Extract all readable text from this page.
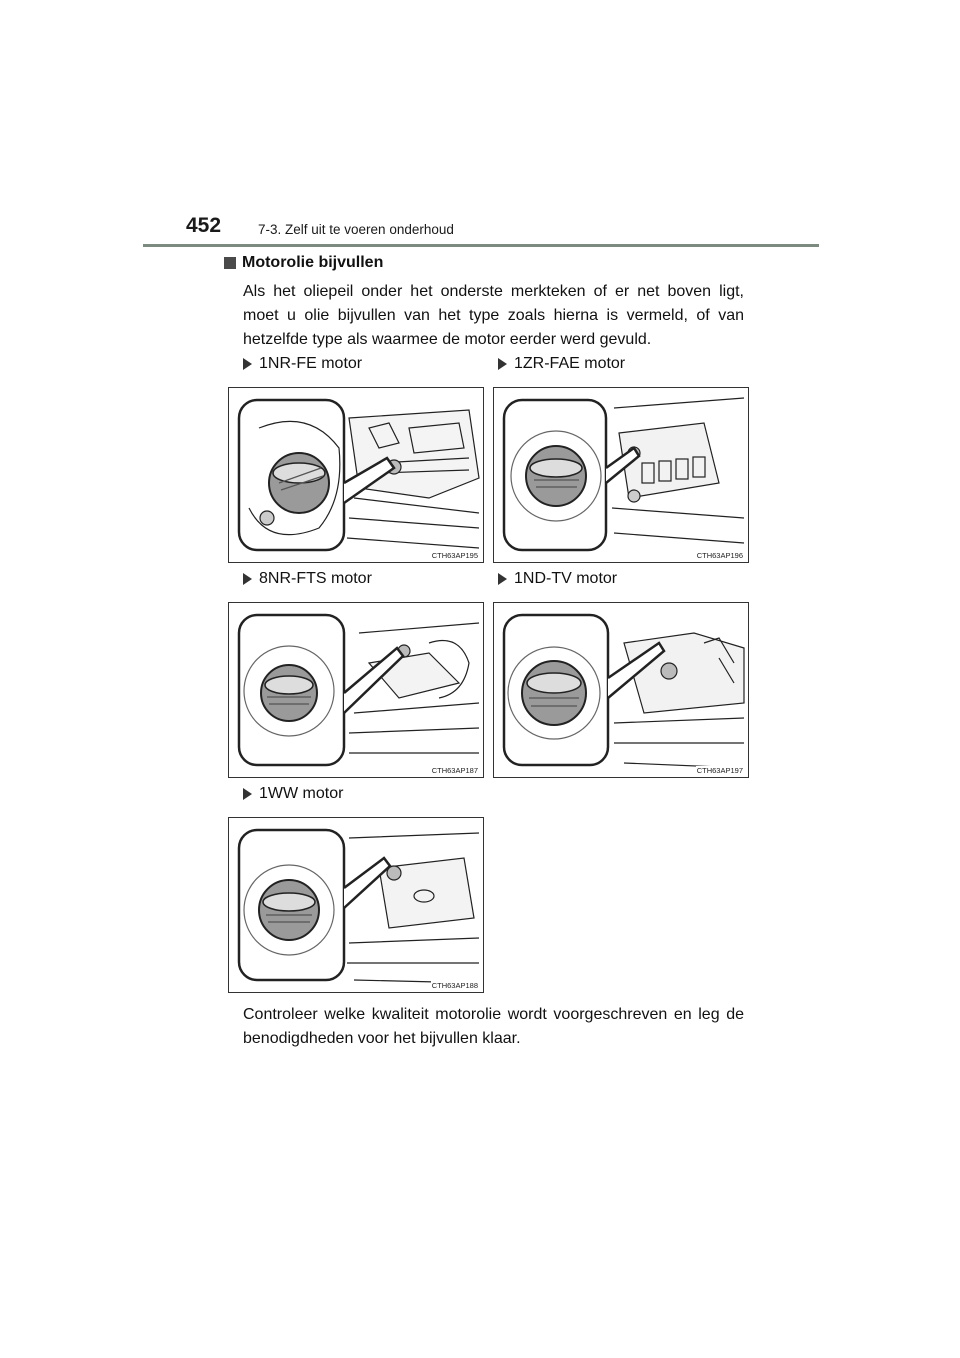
452	7-3. Zelf uit te voeren onderhoud
Motorolie bijvullen
Als het oliepeil onder het onderste merkteken of er net boven ligt, moet u olie bijvullen van het type zoals hierna is vermeld, of van hetzelfde type als waarmee de motor eerder werd gevuld.
1NR-FE motor
CTH63AP195
1ZR-FAE motor
CTH63AP196
8NR-FTS motor
CTH63AP187
1ND-TV motor
CTH63AP197
1WW motor
CTH63AP188
Controleer welke kwaliteit motorolie wordt voorgeschreven en leg de benodigdheden voor het bijvullen klaar.
